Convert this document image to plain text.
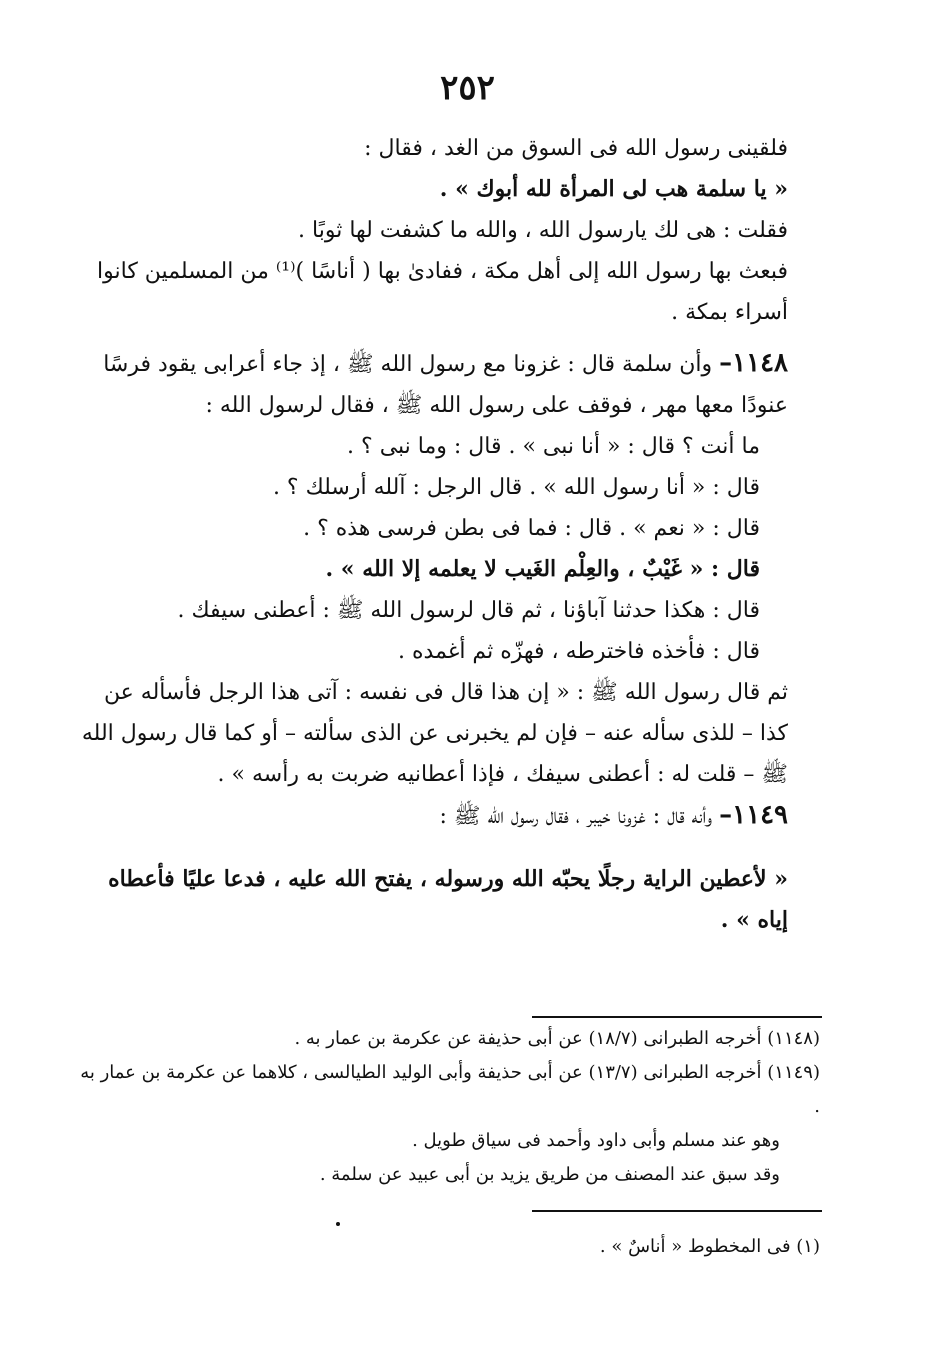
٢٥٢

فلقينى رسول الله فى السوق من الغد ، فقال :

« يا سلمة هب لى المرأة لله أبوك » .

فقلت : هى لك يارسول الله ، والله ما كشفت لها ثوبًا .

فبعث بها رسول الله إلى أهل مكة ، ففادىٰ بها ( أناسًا )⁽¹⁾ من المسلمين كانوا أسراء بمكة .

١١٤٨– وأن سلمة قال : غزونا مع رسول الله ﷺ ، إذ جاء أعرابى يقود فرسًا عنودًا معها مهر ، فوقف على رسول الله ﷺ ، فقال لرسول الله :

ما أنت ؟ قال : « أنا نبى » . قال : وما نبى ؟ .

قال : « أنا رسول الله » . قال الرجل : آلله أرسلك ؟ .

قال : « نعم » . قال : فما فى بطن فرسى هذه ؟ .

قال : « غَيْبٌ ، والعِلْم الغَيب لا يعلمه إلا الله » .

قال : هكذا حدثنا آباؤنا ، ثم قال لرسول الله ﷺ : أعطنى سيفك .

قال : فأخذه فاخترطه ، فهزّه ثم أغمده .

ثم قال رسول الله ﷺ : « إن هذا قال فى نفسه : آتى هذا الرجل فأسأله عن كذا – للذى سأله عنه – فإن لم يخبرنى عن الذى سألته – أو كما قال رسول الله ﷺ – قلت له : أعطنى سيفك ، فإذا أعطانيه ضربت به رأسه » .

١١٤٩– وأنه قال : غزونا خيبر ، فقال رسول الله ﷺ :

« لأعطين الراية رجلًا يحبّه الله ورسوله ، يفتح الله عليه ، فدعا عليًا فأعطاه إياه » .

(١١٤٨) أخرجه الطبرانى (١٨/٧) عن أبى حذيفة عن عكرمة بن عمار به .

(١١٤٩) أخرجه الطبرانى (١٣/٧) عن أبى حذيفة وأبى الوليد الطيالسى ، كلاهما عن عكرمة بن عمار به .

وهو عند مسلم وأبى داود وأحمد فى سياق طويل .

وقد سبق عند المصنف من طريق يزيد بن أبى عبيد عن سلمة .

(١) فى المخطوط « أناسٌ » .
